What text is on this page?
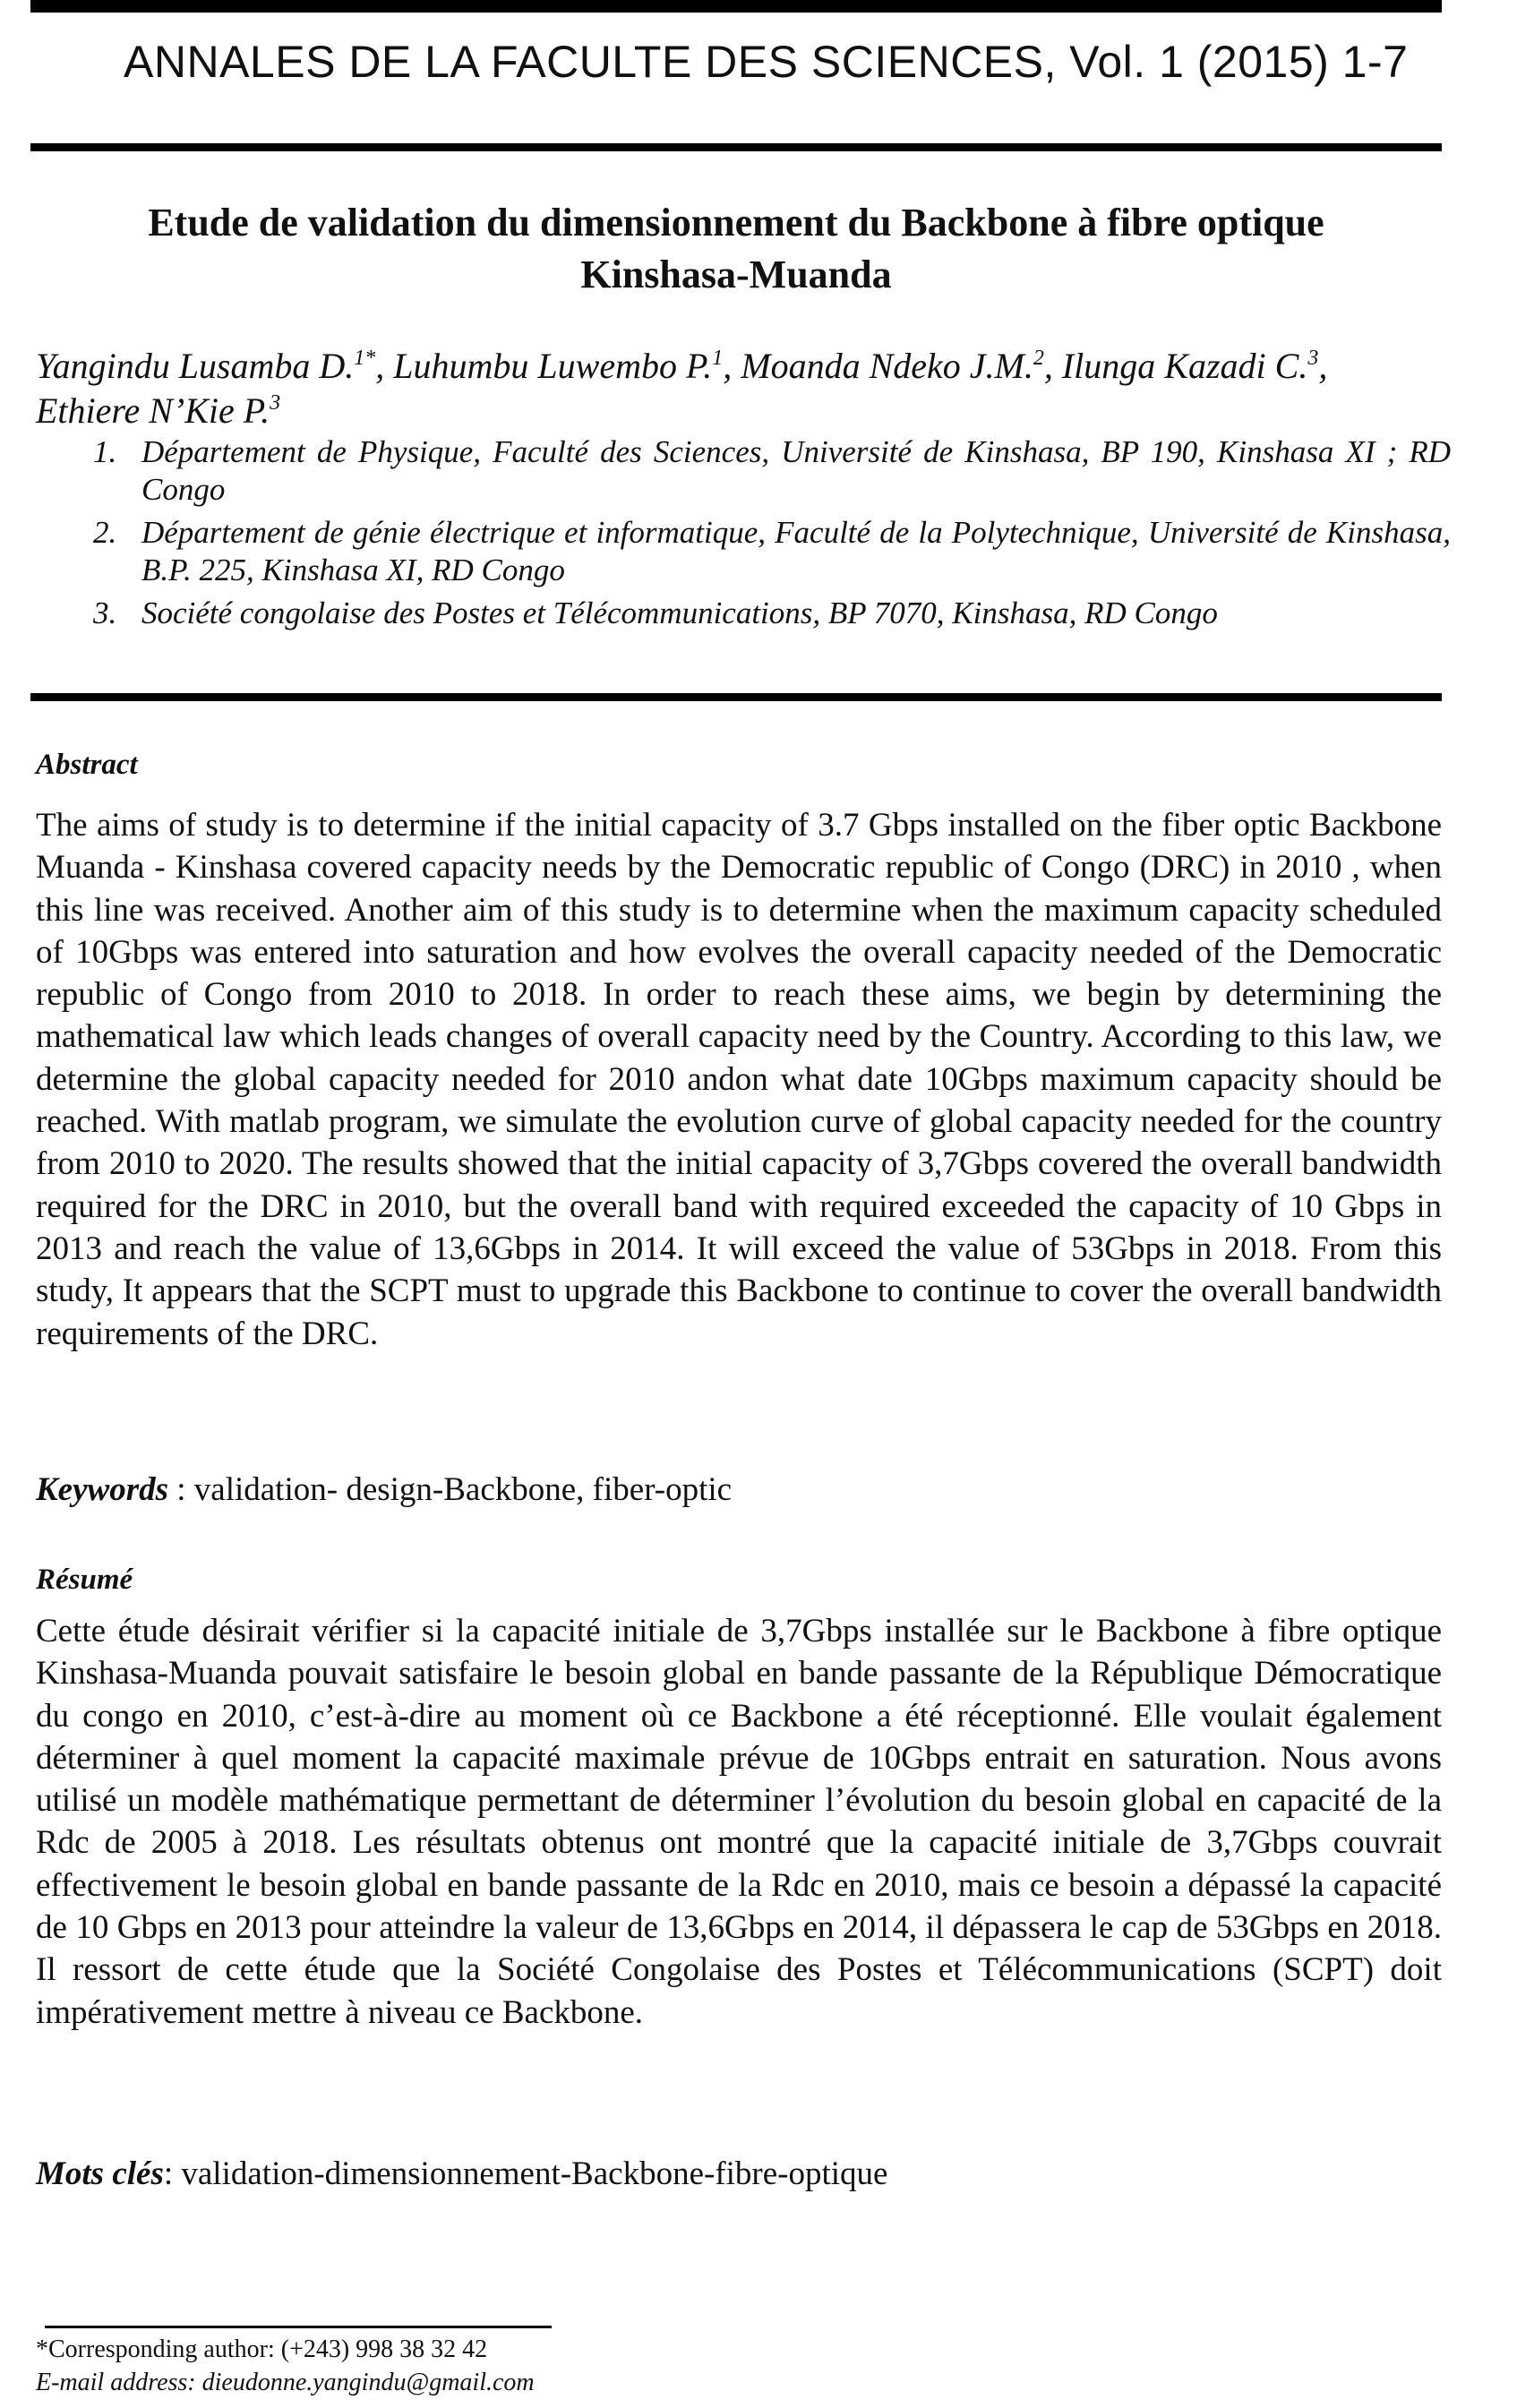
ANNALES DE LA FACULTE DES SCIENCES, Vol. 1 (2015) 1-7
Etude de validation du dimensionnement du Backbone à fibre optique
Kinshasa-Muanda
Yangindu Lusamba D.$^{1*}$, Luhumbu Luwembo P.$^1$, Moanda Ndeko J.M.$^2$, Ilunga Kazadi C.$^3$,
Ethiere N’Kie P.$^3$
1. Département de Physique, Faculté des Sciences, Université de Kinshasa, BP 190, Kinshasa XI ; RD Congo
2. Département de génie électrique et informatique, Faculté de la Polytechnique, Université de Kinshasa, B.P. 225, Kinshasa XI, RD Congo
3. Société congolaise des Postes et Télécommunications, BP 7070, Kinshasa, RD Congo
Abstract
The aims of study is to determine if the initial capacity of 3.7 Gbps installed on the fiber optic Backbone Muanda - Kinshasa covered capacity needs by the Democratic republic of Congo (DRC) in 2010 , when this line was received. Another aim of this study is to determine when the maximum capacity scheduled of 10Gbps was entered into saturation and how evolves the overall capacity needed of the Democratic republic of Congo from 2010 to 2018. In order to reach these aims, we begin by determining the mathematical law which leads changes of overall capacity need by the Country. According to this law, we determine the global capacity needed for 2010 andon what date 10Gbps maximum capacity should be reached. With matlab program, we simulate the evolution curve of global capacity needed for the country from 2010 to 2020. The results showed that the initial capacity of 3,7Gbps covered the overall bandwidth required for the DRC in 2010, but the overall band with required exceeded the capacity of 10 Gbps in 2013 and reach the value of 13,6Gbps in 2014. It will exceed the value of 53Gbps in 2018. From this study, It appears that the SCPT must to upgrade this Backbone to continue to cover the overall bandwidth requirements of the DRC.
Keywords : validation- design-Backbone, fiber-optic
Résumé
Cette étude désirait vérifier si la capacité initiale de 3,7Gbps installée sur le Backbone à fibre optique Kinshasa-Muanda pouvait satisfaire le besoin global en bande passante de la République Démocratique du congo en 2010, c’est-à-dire au moment où ce Backbone a été réceptionné. Elle voulait également déterminer à quel moment la capacité maximale prévue de 10Gbps entrait en saturation. Nous avons utilisé un modèle mathématique permettant de déterminer l’évolution du besoin global en capacité de la Rdc de 2005 à 2018. Les résultats obtenus ont montré que la capacité initiale de 3,7Gbps couvrait effectivement le besoin global en bande passante de la Rdc en 2010, mais ce besoin a dépassé la capacité de 10 Gbps en 2013 pour atteindre la valeur de 13,6Gbps en 2014, il dépassera le cap de 53Gbps en 2018. Il ressort de cette étude que la Société Congolaise des Postes et Télécommunications (SCPT) doit impérativement mettre à niveau ce Backbone.
Mots clés: validation-dimensionnement-Backbone-fibre-optique
*Corresponding author: (+243) 998 38 32 42
E-mail address: dieudonne.yangindu@gmail.com
